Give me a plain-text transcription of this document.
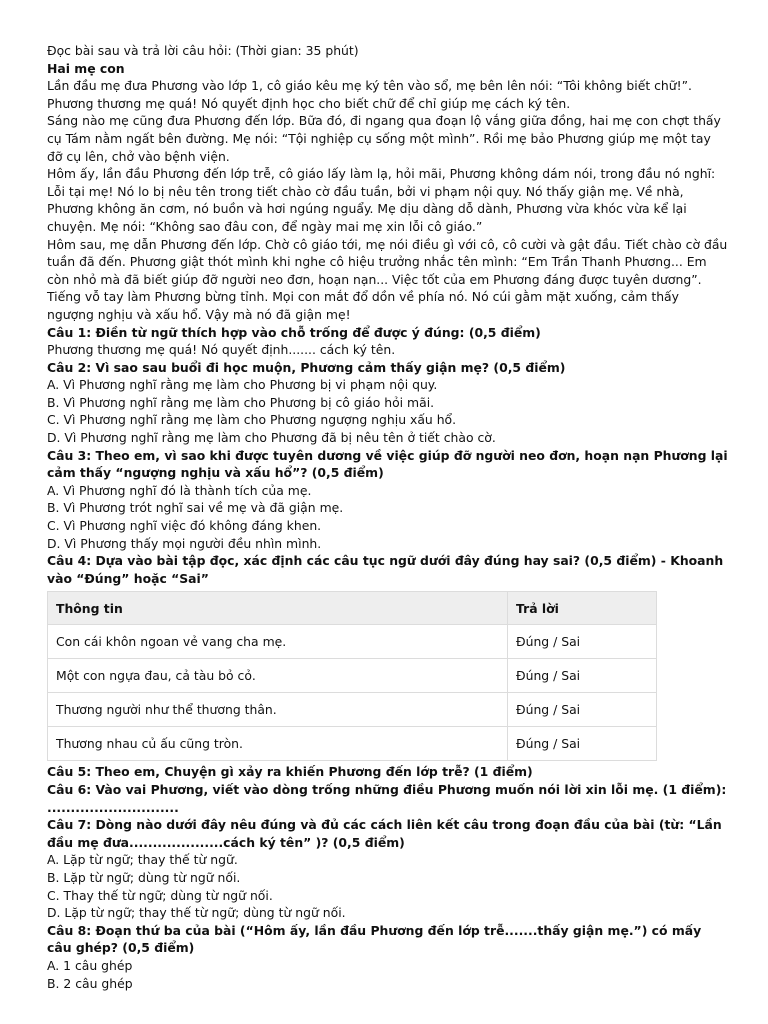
Đọc bài sau và trả lời câu hỏi: (Thời gian: 35 phút)

Hai mẹ con

Lần đầu mẹ đưa Phương vào lớp 1, cô giáo kêu mẹ ký tên vào sổ, mẹ bên lên nói: “Tôi không biết chữ!”. Phương thương mẹ quá! Nó quyết định học cho biết chữ để chỉ giúp mẹ cách ký tên.

Sáng nào mẹ cũng đưa Phương đến lớp. Bữa đó, đi ngang qua đoạn lộ vắng giữa đồng, hai mẹ con chợt thấy cụ Tám nằm ngất bên đường. Mẹ nói: “Tội nghiệp cụ sống một mình”. Rồi mẹ bảo Phương giúp mẹ một tay đỡ cụ lên, chở vào bệnh viện.

Hôm ấy, lần đầu Phương đến lớp trễ, cô giáo lấy làm lạ, hỏi mãi, Phương không dám nói, trong đầu nó nghĩ: Lỗi tại mẹ! Nó lo bị nêu tên trong tiết chào cờ đầu tuần, bởi vi phạm nội quy. Nó thấy giận mẹ. Về nhà, Phương không ăn cơm, nó buồn và hơi ngúng nguẩy. Mẹ dịu dàng dỗ dành, Phương vừa khóc vừa kể lại chuyện. Mẹ nói: “Không sao đâu con, để ngày mai mẹ xin lỗi cô giáo.”

Hôm sau, mẹ dẫn Phương đến lớp. Chờ cô giáo tới, mẹ nói điều gì với cô, cô cười và gật đầu. Tiết chào cờ đầu tuần đã đến. Phương giật thót mình khi nghe cô hiệu trưởng nhắc tên mình: “Em Trần Thanh Phương... Em còn nhỏ mà đã biết giúp đỡ người neo đơn, hoạn nạn... Việc tốt của em Phương đáng được tuyên dương”.

Tiếng vỗ tay làm Phương bừng tỉnh. Mọi con mắt đổ dồn về phía nó. Nó cúi gằm mặt xuống, cảm thấy ngượng nghịu và xấu hổ. Vậy mà nó đã giận mẹ!

Câu 1: Điền từ ngữ thích hợp vào chỗ trống để được ý đúng: (0,5 điểm)

Phương thương mẹ quá! Nó quyết định....... cách ký tên.

Câu 2: Vì sao sau buổi đi học muộn, Phương cảm thấy giận mẹ? (0,5 điểm)

A. Vì Phương nghĩ rằng mẹ làm cho Phương bị vi phạm nội quy.

B. Vì Phương nghĩ rằng mẹ làm cho Phương bị cô giáo hỏi mãi.

C. Vì Phương nghĩ rằng mẹ làm cho Phương ngượng nghịu xấu hổ.

D. Vì Phương nghĩ rằng mẹ làm cho Phương đã bị nêu tên ở tiết chào cờ.

Câu 3: Theo em, vì sao khi được tuyên dương về việc giúp đỡ người neo đơn, hoạn nạn Phương lại cảm thấy “ngượng nghịu và xấu hổ”? (0,5 điểm)

A. Vì Phương nghĩ đó là thành tích của mẹ.

B. Vì Phương trót nghĩ sai về mẹ và đã giận mẹ.

C. Vì Phương nghĩ việc đó không đáng khen.

D. Vì Phương thấy mọi người đều nhìn mình.

Câu 4: Dựa vào bài tập đọc, xác định các câu tục ngữ dưới đây đúng hay sai? (0,5 điểm) - Khoanh vào “Đúng” hoặc “Sai”

Thông tin	Trả lời
Con cái khôn ngoan vẻ vang cha mẹ.	Đúng / Sai
Một con ngựa đau, cả tàu bỏ cỏ.	Đúng / Sai
Thương người như thể thương thân.	Đúng / Sai
Thương nhau củ ấu cũng tròn.	Đúng / Sai

Câu 5: Theo em, Chuyện gì xảy ra khiến Phương đến lớp trễ? (1 điểm)

Câu 6: Vào vai Phương, viết vào dòng trống những điều Phương muốn nói lời xin lỗi mẹ. (1 điểm):

............................

Câu 7: Dòng nào dưới đây nêu đúng và đủ các cách liên kết câu trong đoạn đầu của bài (từ: “Lần đầu mẹ đưa....................cách ký tên” )? (0,5 điểm)

A. Lặp từ ngữ; thay thế từ ngữ.

B. Lặp từ ngữ; dùng từ ngữ nối.

C. Thay thế từ ngữ; dùng từ ngữ nối.

D. Lặp từ ngữ; thay thế từ ngữ; dùng từ ngữ nối.

Câu 8: Đoạn thứ ba của bài (“Hôm ấy, lần đầu Phương đến lớp trễ.......thấy giận mẹ.”) có mấy câu ghép? (0,5 điểm)

A. 1 câu ghép

B. 2 câu ghép
